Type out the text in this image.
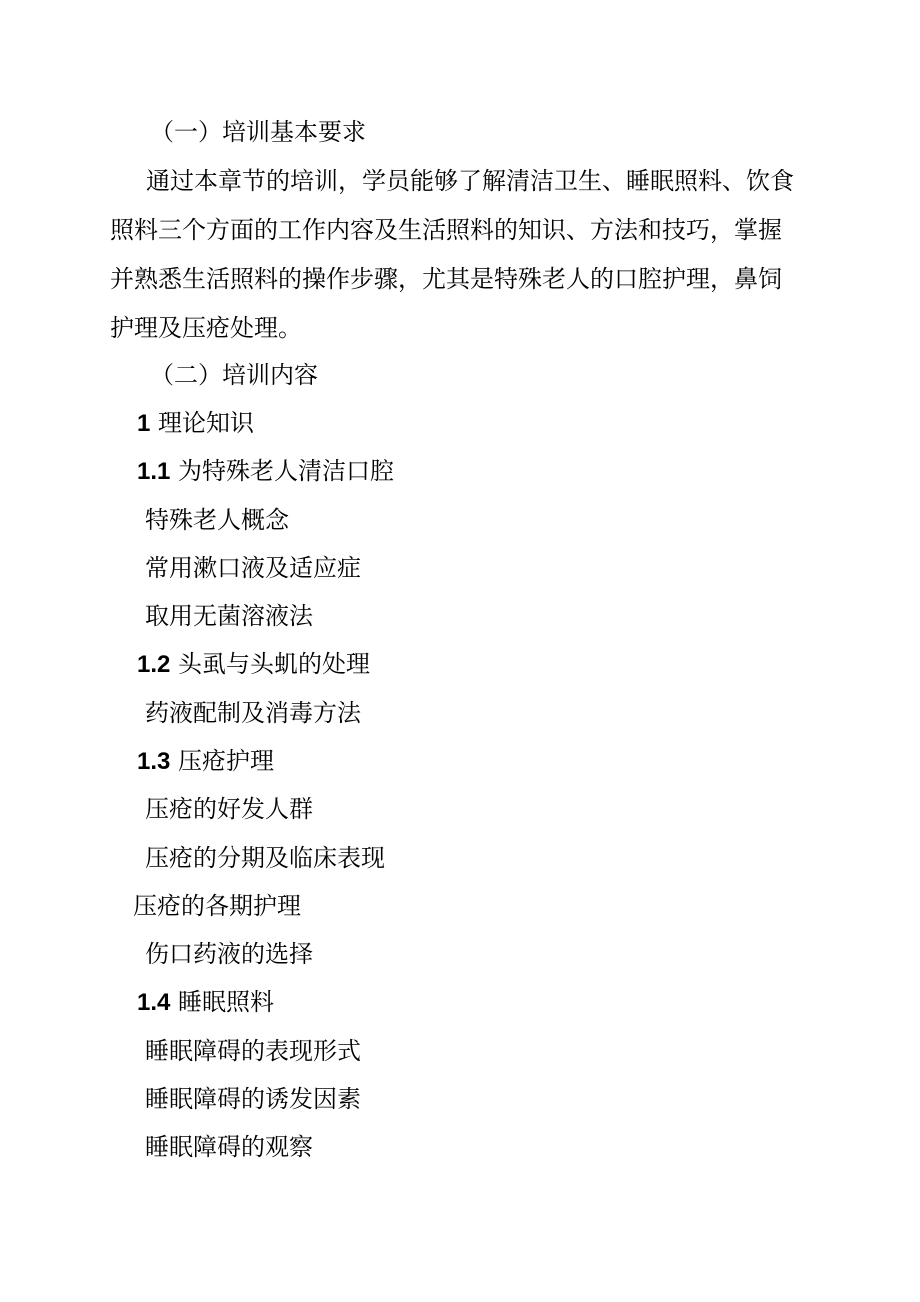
（一）培训基本要求
通过本章节的培训，学员能够了解清洁卫生、睡眠照料、饮食
照料三个方面的工作内容及生活照料的知识、方法和技巧，掌握
并熟悉生活照料的操作步骤，尤其是特殊老人的口腔护理，鼻饲
护理及压疮处理。
（二）培训内容
1 理论知识
1.1 为特殊老人清洁口腔
特殊老人概念
常用漱口液及适应症
取用无菌溶液法
1.2 头虱与头虮的处理
药液配制及消毒方法
1.3 压疮护理
压疮的好发人群
压疮的分期及临床表现
压疮的各期护理
伤口药液的选择
1.4 睡眠照料
睡眠障碍的表现形式
睡眠障碍的诱发因素
睡眠障碍的观察
